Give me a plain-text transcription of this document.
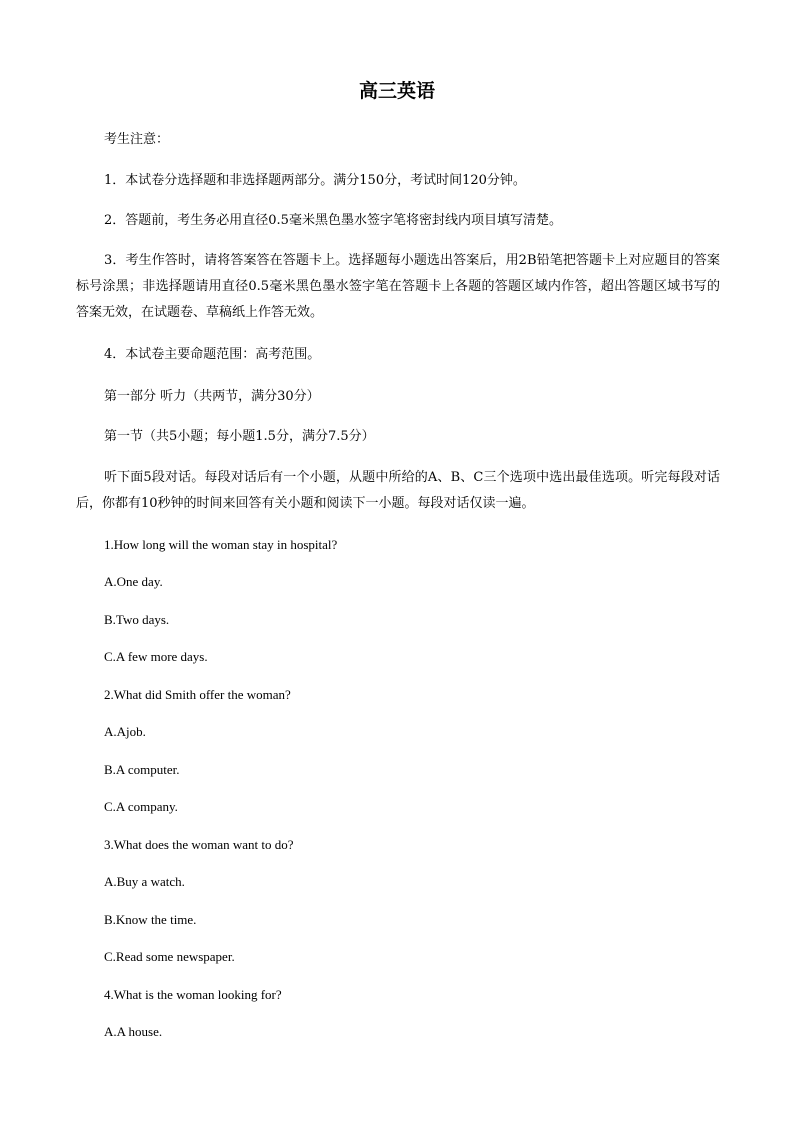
高三英语
考生注意：
1．本试卷分选择题和非选择题两部分。满分150分，考试时间120分钟。
2．答题前，考生务必用直径0.5毫米黑色墨水签字笔将密封线内项目填写清楚。
3．考生作答时，请将答案答在答题卡上。选择题每小题选出答案后，用2B铅笔把答题卡上对应题目的答案标号涂黑；非选择题请用直径0.5毫米黑色墨水签字笔在答题卡上各题的答题区域内作答，超出答题区域书写的答案无效，在试题卷、草稿纸上作答无效。
4．本试卷主要命题范围：高考范围。
第一部分 听力（共两节，满分30分）
第一节（共5小题；每小题1.5分，满分7.5分）
听下面5段对话。每段对话后有一个小题，从题中所给的A、B、C三个选项中选出最佳选项。听完每段对话后，你都有10秒钟的时间来回答有关小题和阅读下一小题。每段对话仅读一遍。
1.How long will the woman stay in hospital?
A.One day.
B.Two days.
C.A few more days.
2.What did Smith offer the woman?
A.Ajob.
B.A computer.
C.A company.
3.What does the woman want to do?
A.Buy a watch.
B.Know the time.
C.Read some newspaper.
4.What is the woman looking for?
A.A house.
